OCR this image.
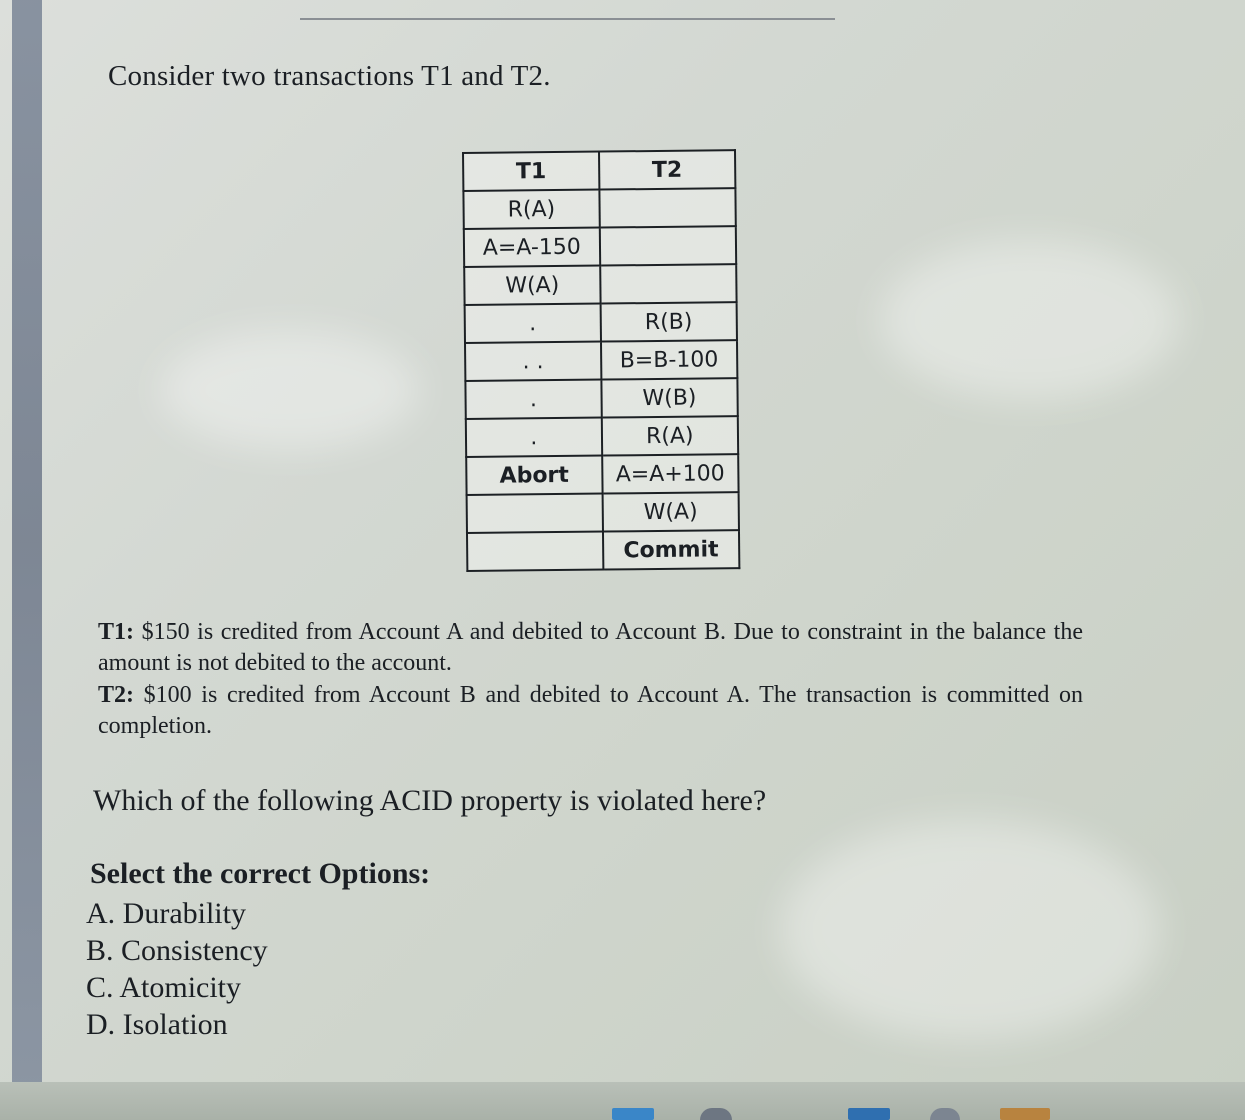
Consider two transactions T1 and T2.
T1	T2
R(A)	
A=A-150	
W(A)	
.	R(B)
. .	B=B-100
.	W(B)
.	R(A)
Abort	A=A+100
	W(A)
	Commit
T1: $150 is credited from Account A and debited to Account B. Due to constraint in the balance the amount is not debited to the account.
T2: $100 is credited from Account B and debited to Account A. The transaction is committed on completion.
Which of the following ACID property is violated here?
Select the correct Options:
A. Durability
B. Consistency
C. Atomicity
D. Isolation
